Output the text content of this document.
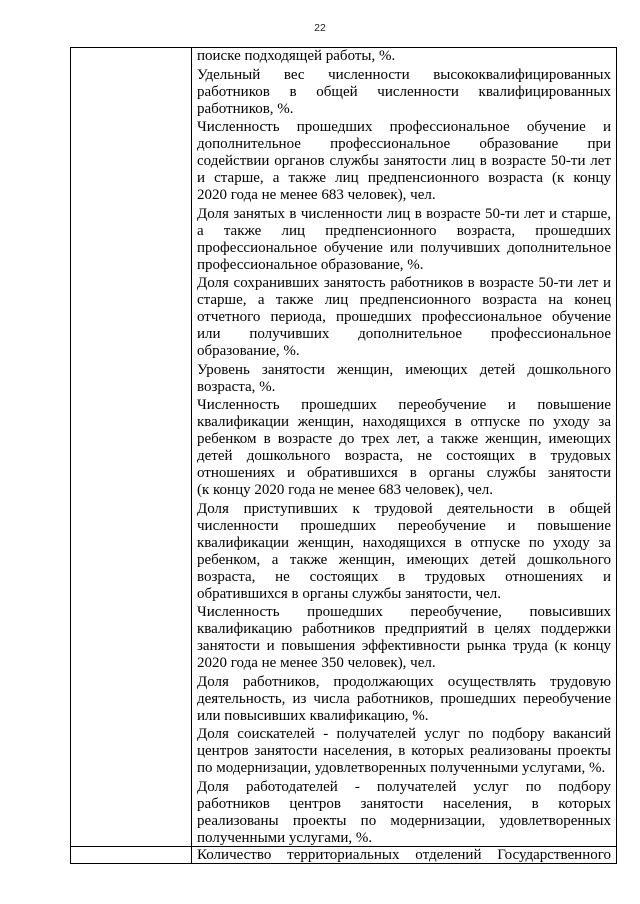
22
поиске подходящей работы, %.
Удельный вес численности высококвалифицированных
работников в общей численности квалифицированных
работников, %.
Численность прошедших профессиональное обучение и
дополнительное профессиональное образование при
содействии органов службы занятости лиц в возрасте 50-ти лет
и старше, а также лиц предпенсионного возраста (к концу
2020 года не менее 683 человек), чел.
Доля занятых в численности лиц в возрасте 50-ти лет и старше,
а также лиц предпенсионного возраста, прошедших
профессиональное обучение или получивших дополнительное
профессиональное образование, %.
Доля сохранивших занятость работников в возрасте 50-ти лет и
старше, а также лиц предпенсионного возраста на конец
отчетного периода, прошедших профессиональное обучение
или получивших дополнительное профессиональное
образование, %.
Уровень занятости женщин, имеющих детей дошкольного
возраста, %.
Численность прошедших переобучение и повышение
квалификации женщин, находящихся в отпуске по уходу за
ребенком в возрасте до трех лет, а также женщин, имеющих
детей дошкольного возраста, не состоящих в трудовых
отношениях и обратившихся в органы службы занятости
(к концу 2020 года не менее 683 человек), чел.
Доля приступивших к трудовой деятельности в общей
численности прошедших переобучение и повышение
квалификации женщин, находящихся в отпуске по уходу за
ребенком, а также женщин, имеющих детей дошкольного
возраста, не состоящих в трудовых отношениях и
обратившихся в органы службы занятости, чел.
Численность прошедших переобучение, повысивших
квалификацию работников предприятий в целях поддержки
занятости и повышения эффективности рынка труда (к концу
2020 года не менее 350 человек), чел.
Доля работников, продолжающих осуществлять трудовую
деятельность, из числа работников, прошедших переобучение
или повысивших квалификацию, %.
Доля соискателей - получателей услуг по подбору вакансий
центров занятости населения, в которых реализованы проекты
по модернизации, удовлетворенных полученными услугами, %.
Доля работодателей - получателей услуг по подбору
работников центров занятости населения, в которых
реализованы проекты по модернизации, удовлетворенных
полученными услугами, %.
Количество территориальных отделений Государственного
